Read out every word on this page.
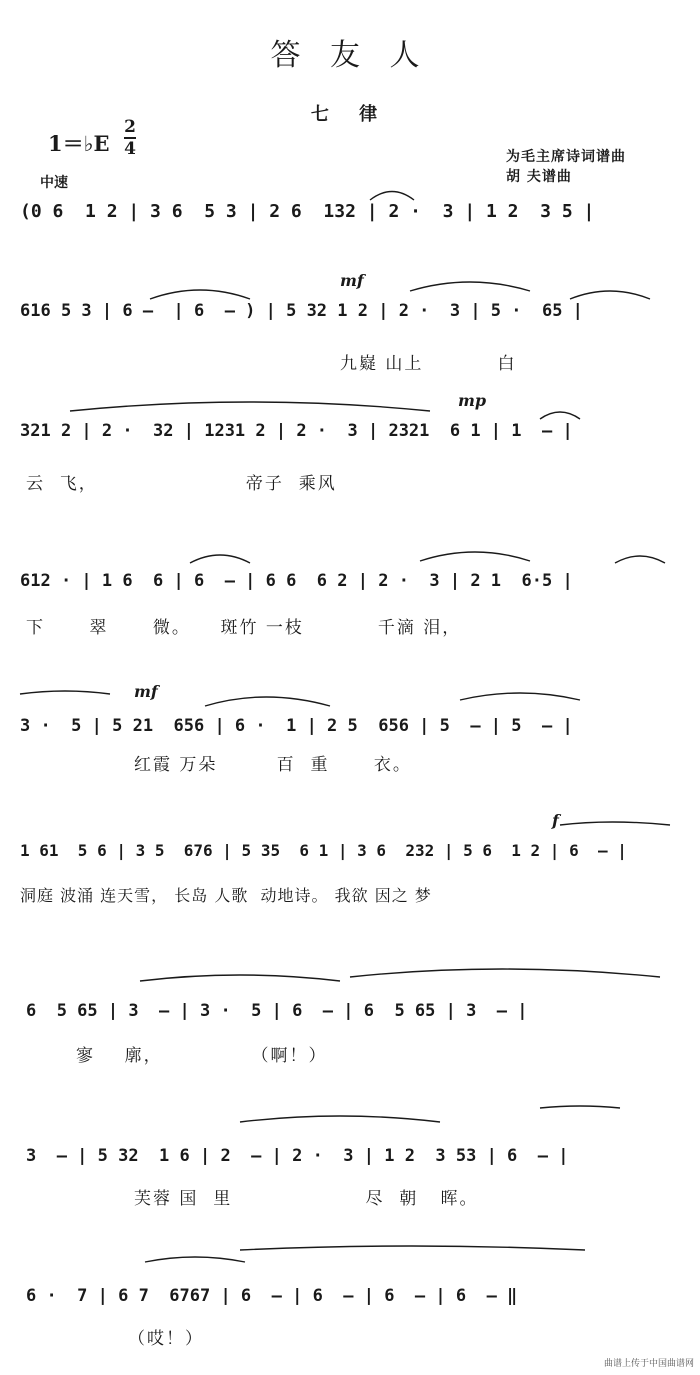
答 友 人
七 律
1＝♭E
2
4	为毛主席诗词谱曲
胡 夫谱曲
中速
(0 6  1 2 | 3 6  5 3 | 2 6  132 | 2 ·  3 | 1 2  3 5 |
mf
616 5 3 | 6 –  | 6  – ) | 5 32 1 2 | 2 ·  3 | 5 ·  65 |
九嶷 山上          白
mp
321 2 | 2 ·  32 | 1231 2 | 2 ·  3 | 2321  6 1 | 1  – |
云  飞，                    帝子  乘风
612 · | 1 6  6 | 6  – | 6 6  6 2 | 2 ·  3 | 2 1  6·5 |
下      翠      微。    斑竹 一枝          千滴 泪，
mf
3 ·  5 | 5 21  656 | 6 ·  1 | 2 5  656 | 5  – | 5  – |
红霞 万朵        百  重      衣。
f
1 61  5 6 | 3 5  676 | 5 35  6 1 | 3 6  232 | 5 6  1 2 | 6  – |
洞庭 波涌 连天雪， 长岛 人歌  动地诗。 我欲 因之 梦
6  5 65 | 3  – | 3 ·  5 | 6  – | 6  5 65 | 3  – |
寥    廓，            （啊！）
3  – | 5 32  1 6 | 2  – | 2 ·  3 | 1 2  3 53 | 6  – |
芙蓉 国  里                  尽  朝   晖。
6 ·  7 | 6 7  6767 | 6  – | 6  – | 6  – | 6  – ‖
（哎！）
曲谱上传于中国曲谱网
